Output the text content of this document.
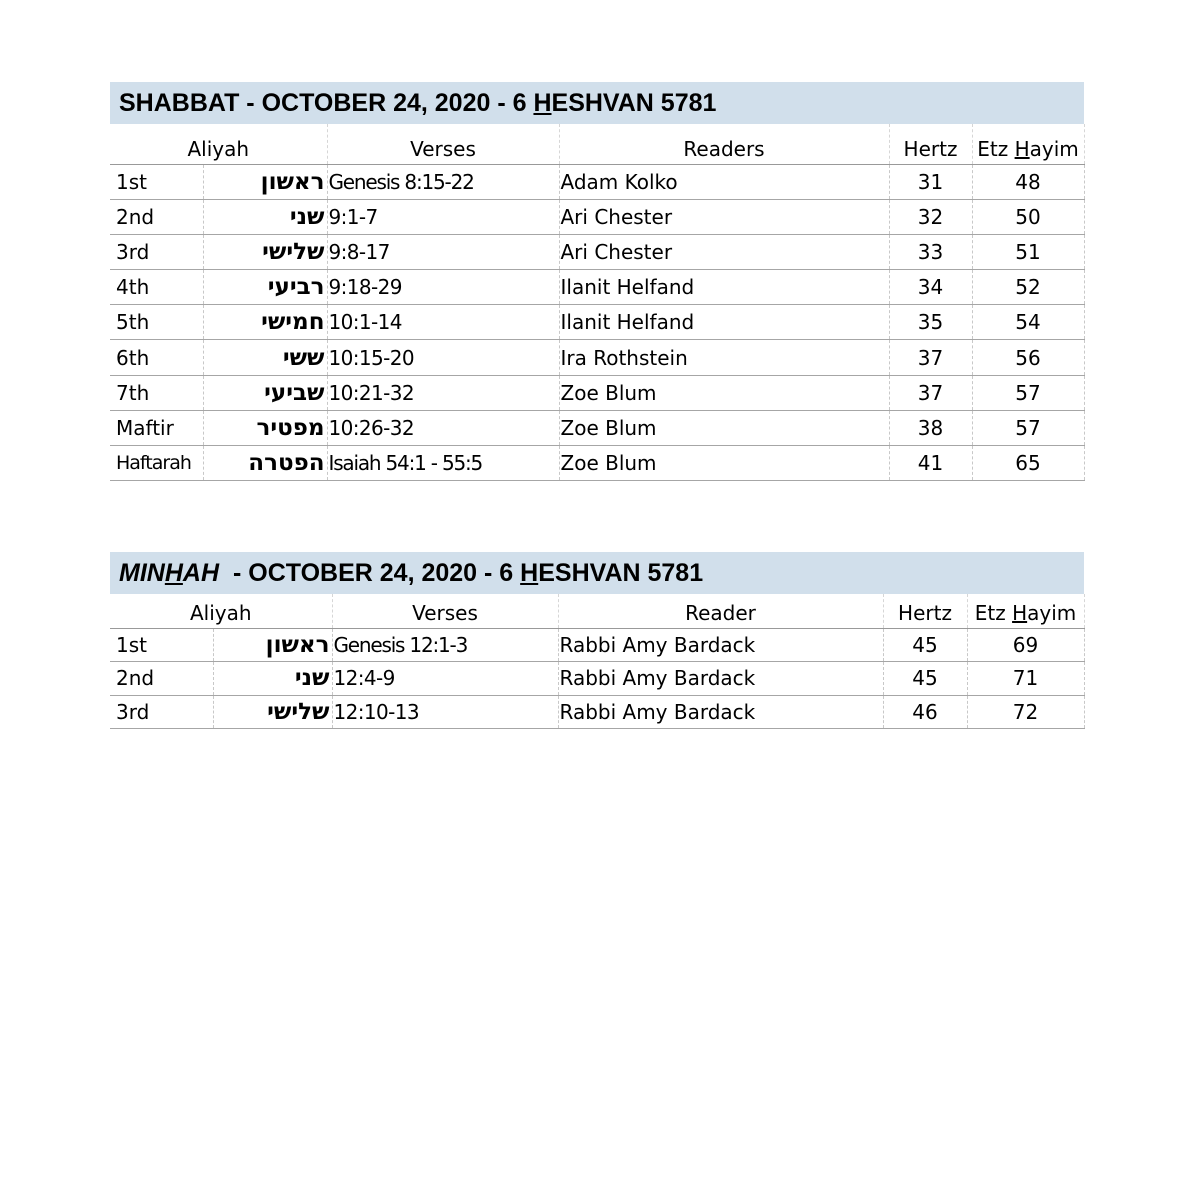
SHABBAT - OCTOBER 24, 2020 - 6 H ESHVAN 5781
Aliyah		Verses	Readers	Hertz	Etz Hayim
1st	ראשון	Genesis 8:15-22	Adam Kolko	31	48
2nd	שני	9:1-7	Ari Chester	32	50
3rd	שלישי	9:8-17	Ari Chester	33	51
4th	רביעי	9:18-29	Ilanit Helfand	34	52
5th	חמישי	10:1-14	Ilanit Helfand	35	54
6th	ששי	10:15-20	Ira Rothstein	37	56
7th	שביעי	10:21-32	Zoe Blum	37	57
Maftir	מפטיר	10:26-32	Zoe Blum	38	57
Haftarah	הפטרה	Isaiah 54:1 - 55:5	Zoe Blum	41	65
MINHAH - OCTOBER 24, 2020 - 6 H ESHVAN 5781
Aliyah		Verses	Reader	Hertz	Etz Hayim
1st	ראשון	Genesis 12:1-3	Rabbi Amy Bardack	45	69
2nd	שני	12:4-9	Rabbi Amy Bardack	45	71
3rd	שלישי	12:10-13	Rabbi Amy Bardack	46	72
